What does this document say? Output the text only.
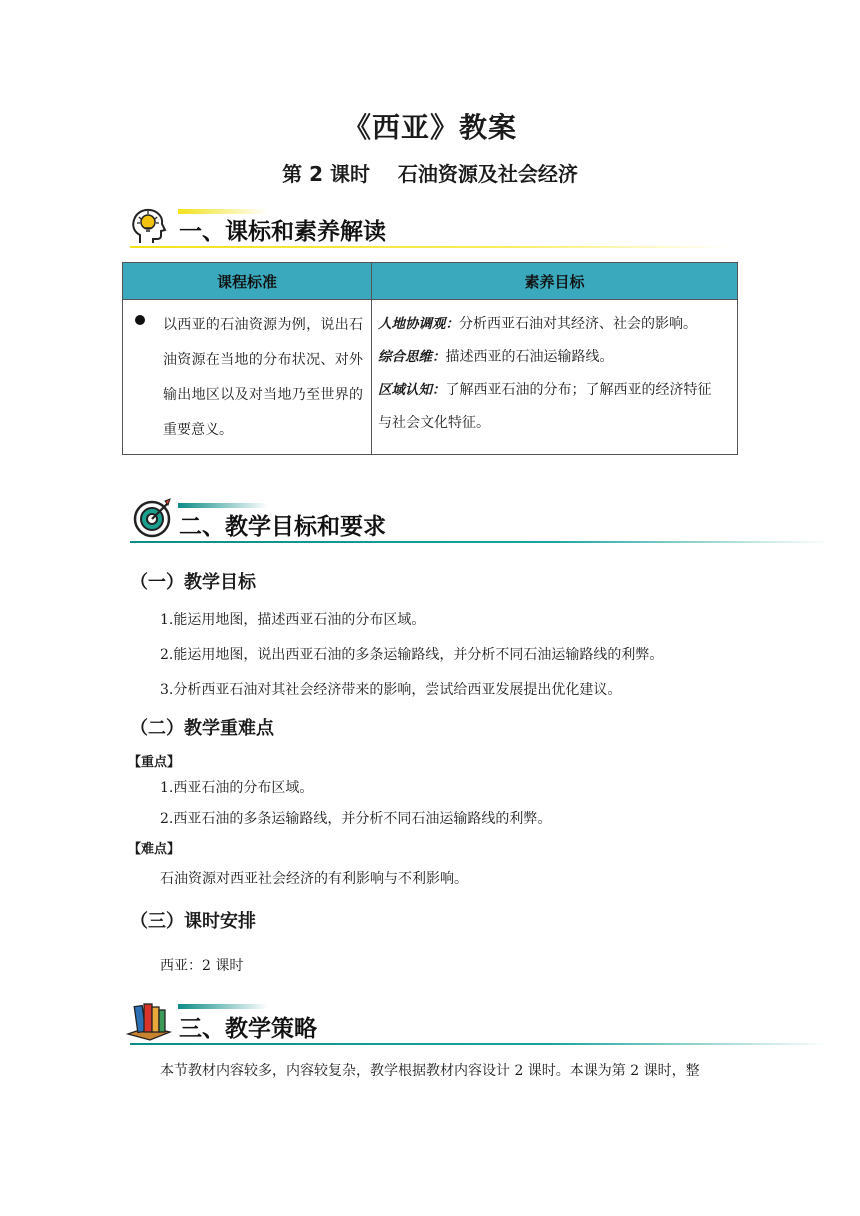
《西亚》教案
第 2 课时    石油资源及社会经济
一、课标和素养解读
课程标准	素养目标

以西亚的石油资源为例，说出石油资源在当地的分布状况、对外输出地区以及对当地乃至世界的重要意义。	人地协调观：分析西亚石油对其经济、社会的影响。
综合思维：描述西亚的石油运输路线。
区域认知：了解西亚石油的分布；了解西亚的经济特征
与社会文化特征。
二、教学目标和要求
（一）教学目标
1.能运用地图，描述西亚石油的分布区域。
2.能运用地图，说出西亚石油的多条运输路线，并分析不同石油运输路线的利弊。
3.分析西亚石油对其社会经济带来的影响，尝试给西亚发展提出优化建议。
（二）教学重难点
【重点】
1.西亚石油的分布区域。
2.西亚石油的多条运输路线，并分析不同石油运输路线的利弊。
【难点】
石油资源对西亚社会经济的有利影响与不利影响。
（三）课时安排
西亚：2 课时
三、教学策略
本节教材内容较多，内容较复杂，教学根据教材内容设计 2 课时。本课为第 2 课时，整
